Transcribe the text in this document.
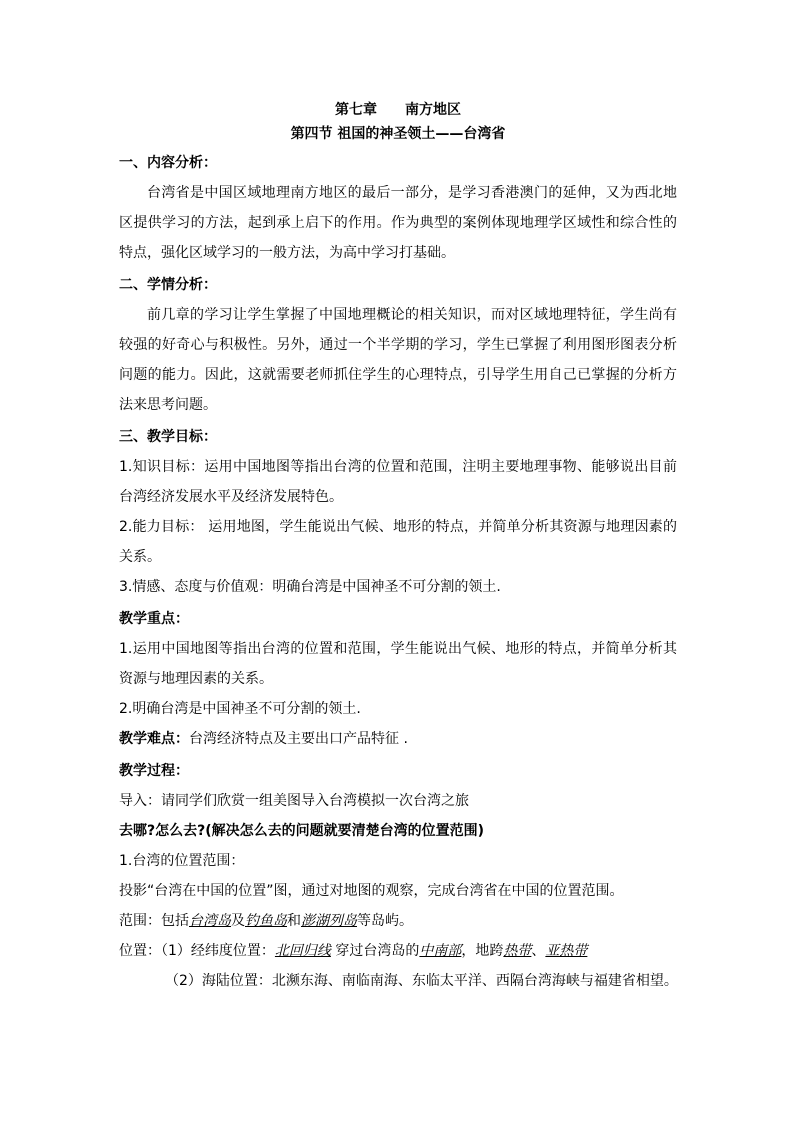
第七章 南方地区
第四节 祖国的神圣领土——台湾省
一、内容分析：
台湾省是中国区域地理南方地区的最后一部分，是学习香港澳门的延伸，又为西北地区提供学习的方法，起到承上启下的作用。作为典型的案例体现地理学区域性和综合性的特点，强化区域学习的一般方法，为高中学习打基础。
二、学情分析：
前几章的学习让学生掌握了中国地理概论的相关知识，而对区域地理特征，学生尚有较强的好奇心与积极性。另外，通过一个半学期的学习，学生已掌握了利用图形图表分析问题的能力。因此，这就需要老师抓住学生的心理特点，引导学生用自己已掌握的分析方法来思考问题。
三、教学目标：
1.知识目标：运用中国地图等指出台湾的位置和范围，注明主要地理事物、能够说出目前台湾经济发展水平及经济发展特色。
2.能力目标： 运用地图，学生能说出气候、地形的特点，并简单分析其资源与地理因素的关系。
3.情感、态度与价值观：明确台湾是中国神圣不可分割的领土.
教学重点：
1.运用中国地图等指出台湾的位置和范围，学生能说出气候、地形的特点，并简单分析其资源与地理因素的关系。
2.明确台湾是中国神圣不可分割的领土.
教学难点：台湾经济特点及主要出口产品特征 .
教学过程：
导入：请同学们欣赏一组美图导入台湾模拟一次台湾之旅
去哪?怎么去?(解决怎么去的问题就要清楚台湾的位置范围)
1.台湾的位置范围：
投影“台湾在中国的位置”图，通过对地图的观察，完成台湾省在中国的位置范围。
范围：包括台湾岛及钓鱼岛和澎湖列岛等岛屿。
位置：（1）经纬度位置：北回归线 穿过台湾岛的中南部，地跨热带、亚热带
（2）海陆位置：北濒东海、南临南海、东临太平洋、西隔台湾海峡与福建省相望。
